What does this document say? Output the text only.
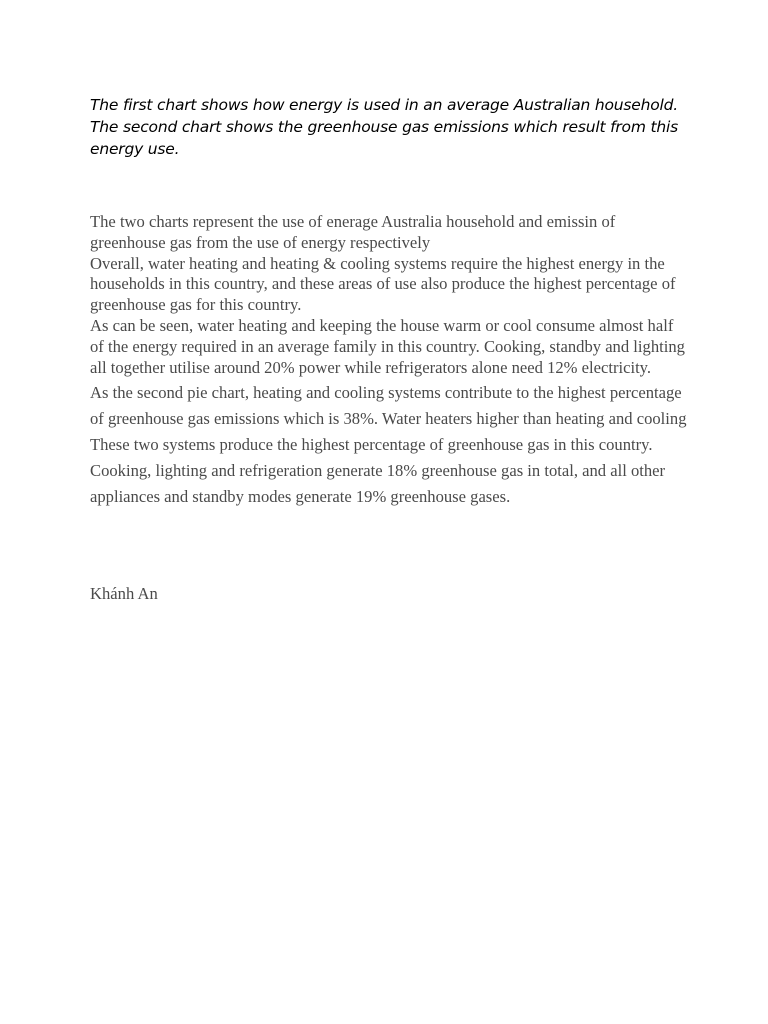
The first chart shows how energy is used in an average Australian household. The second chart shows the greenhouse gas emissions which result from this energy use.

The two charts represent the use of enerage Australia household and emissin of greenhouse gas from the use of energy respectively

Overall, water heating and heating & cooling systems require the highest energy in the households in this country, and these areas of use also produce the highest percentage of greenhouse gas for this country.

As can be seen, water heating and keeping the house warm or cool consume almost half of the energy required in an average family in this country. Cooking, standby and lighting all together utilise around 20% power while refrigerators alone need 12% electricity.

As the second pie chart, heating and cooling systems contribute to the highest percentage of greenhouse gas emissions which is 38%. Water heaters higher than heating and cooling These two systems produce the highest percentage of greenhouse gas in this country. Cooking, lighting and refrigeration generate 18% greenhouse gas in total, and all other appliances and standby modes generate 19% greenhouse gases.

Khánh An
